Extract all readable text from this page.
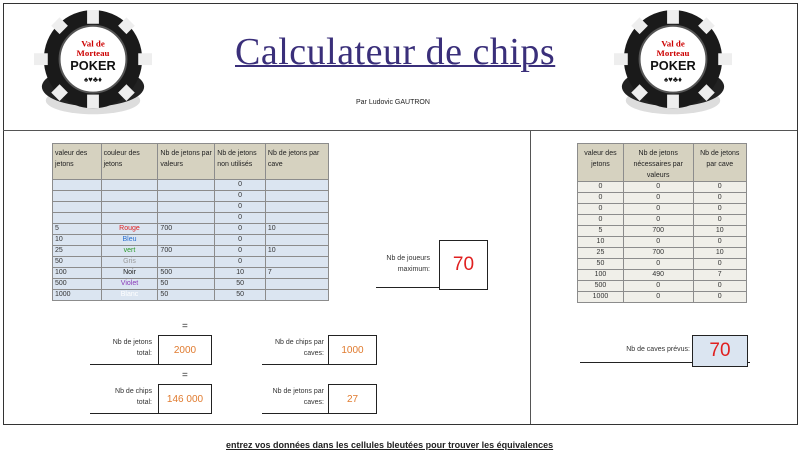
Val de
Morteau
POKER
♠♥♣♦
Val de
Morteau
POKER
♠♥♣♦
Calculateur de chips
Par Ludovic GAUTRON
valeur des jetons	couleur des jetons	Nb de jetons par valeurs	Nb de jetons non utilisés	Nb de jetons par cave
			0	
			0	
			0	
			0	
5	Rouge	700	0	10
10	Bleu		0	
25	vert	700	0	10
50	Gris		0	
100	Noir	500	10	7
500	Violet	50	50	
1000	Blanc	50	50	
=
Nb de jetons
total:	2000
Nb de chips par
caves:	1000
=
Nb de chips
total:	146 000
Nb de jetons par
caves:	27
Nb de joueurs
maximum:	70
valeur des jetons	Nb de jetons nécessaires par valeurs	Nb de jetons par cave
0	0	0
0	0	0
0	0	0
0	0	0
5	700	10
10	0	0
25	700	10
50	0	0
100	490	7
500	0	0
1000	0	0
Nb de caves prévus:	70
entrez vos données dans les cellules bleutées pour trouver les équivalences
